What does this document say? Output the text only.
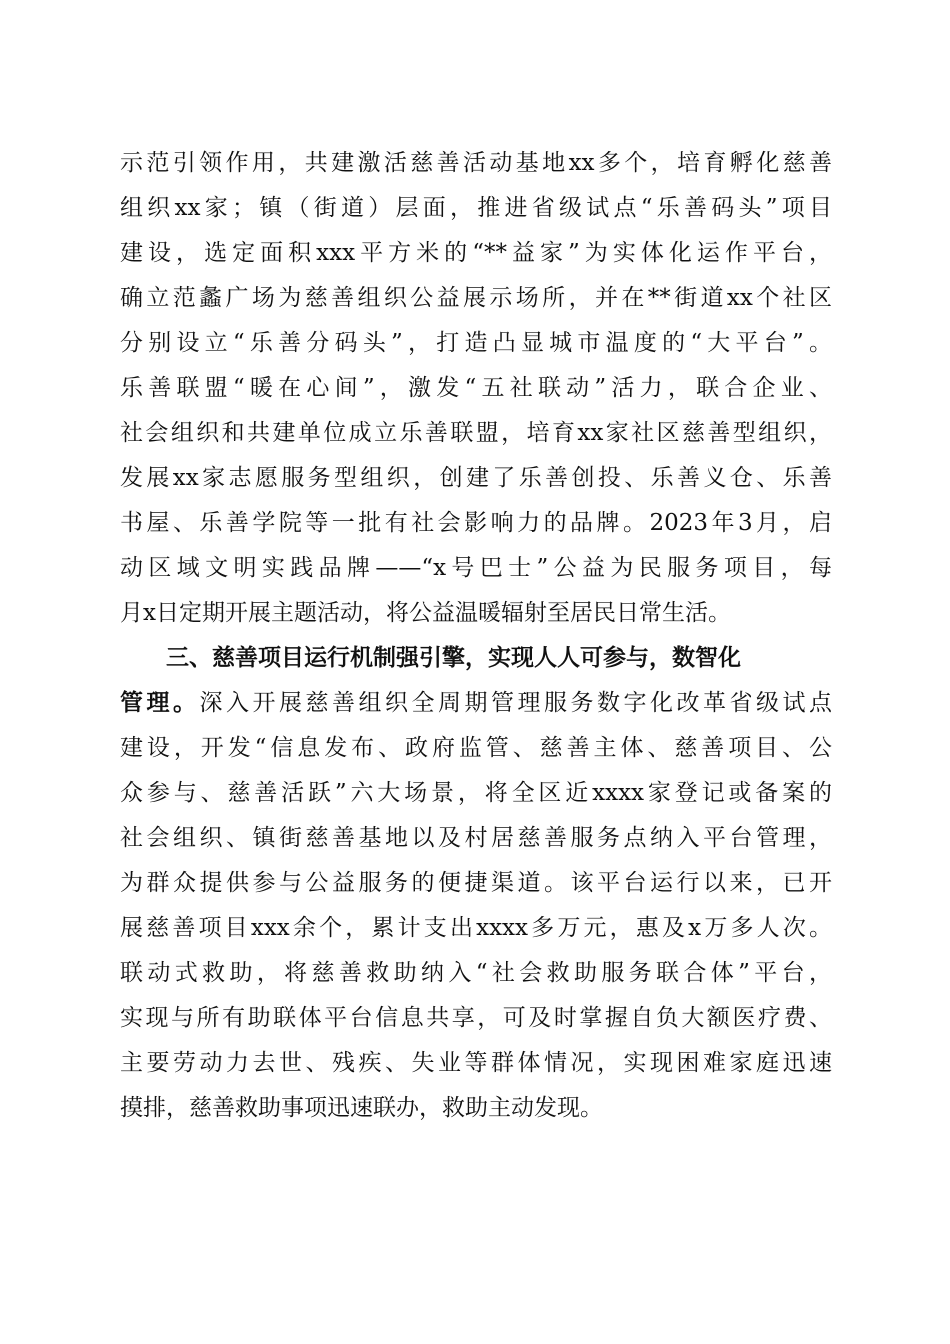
示范引领作用，共建激活慈善活动基地xx多个，培育孵化慈善
组织xx家；镇（街道）层面，推进省级试点“乐善码头”项目
建设，选定面积xxx平方米的“**益家”为实体化运作平台，
确立范蠡广场为慈善组织公益展示场所，并在**街道xx个社区
分别设立“乐善分码头”，打造凸显城市温度的“大平台”。
乐善联盟“暖在心间”，激发“五社联动”活力，联合企业、
社会组织和共建单位成立乐善联盟，培育xx家社区慈善型组织，
发展xx家志愿服务型组织，创建了乐善创投、乐善义仓、乐善
书屋、乐善学院等一批有社会影响力的品牌。2023年3月，启
动区域文明实践品牌——“x号巴士”公益为民服务项目，每
月x日定期开展主题活动，将公益温暖辐射至居民日常生活。
　　三、慈善项目运行机制强引擎，实现人人可参与，数智化
管理。深入开展慈善组织全周期管理服务数字化改革省级试点
建设，开发“信息发布、政府监管、慈善主体、慈善项目、公
众参与、慈善活跃”六大场景，将全区近xxxx家登记或备案的
社会组织、镇街慈善基地以及村居慈善服务点纳入平台管理，
为群众提供参与公益服务的便捷渠道。该平台运行以来，已开
展慈善项目xxx余个，累计支出xxxx多万元，惠及x万多人次。
联动式救助，将慈善救助纳入“社会救助服务联合体”平台，
实现与所有助联体平台信息共享，可及时掌握自负大额医疗费、
主要劳动力去世、残疾、失业等群体情况，实现困难家庭迅速
摸排，慈善救助事项迅速联办，救助主动发现。
